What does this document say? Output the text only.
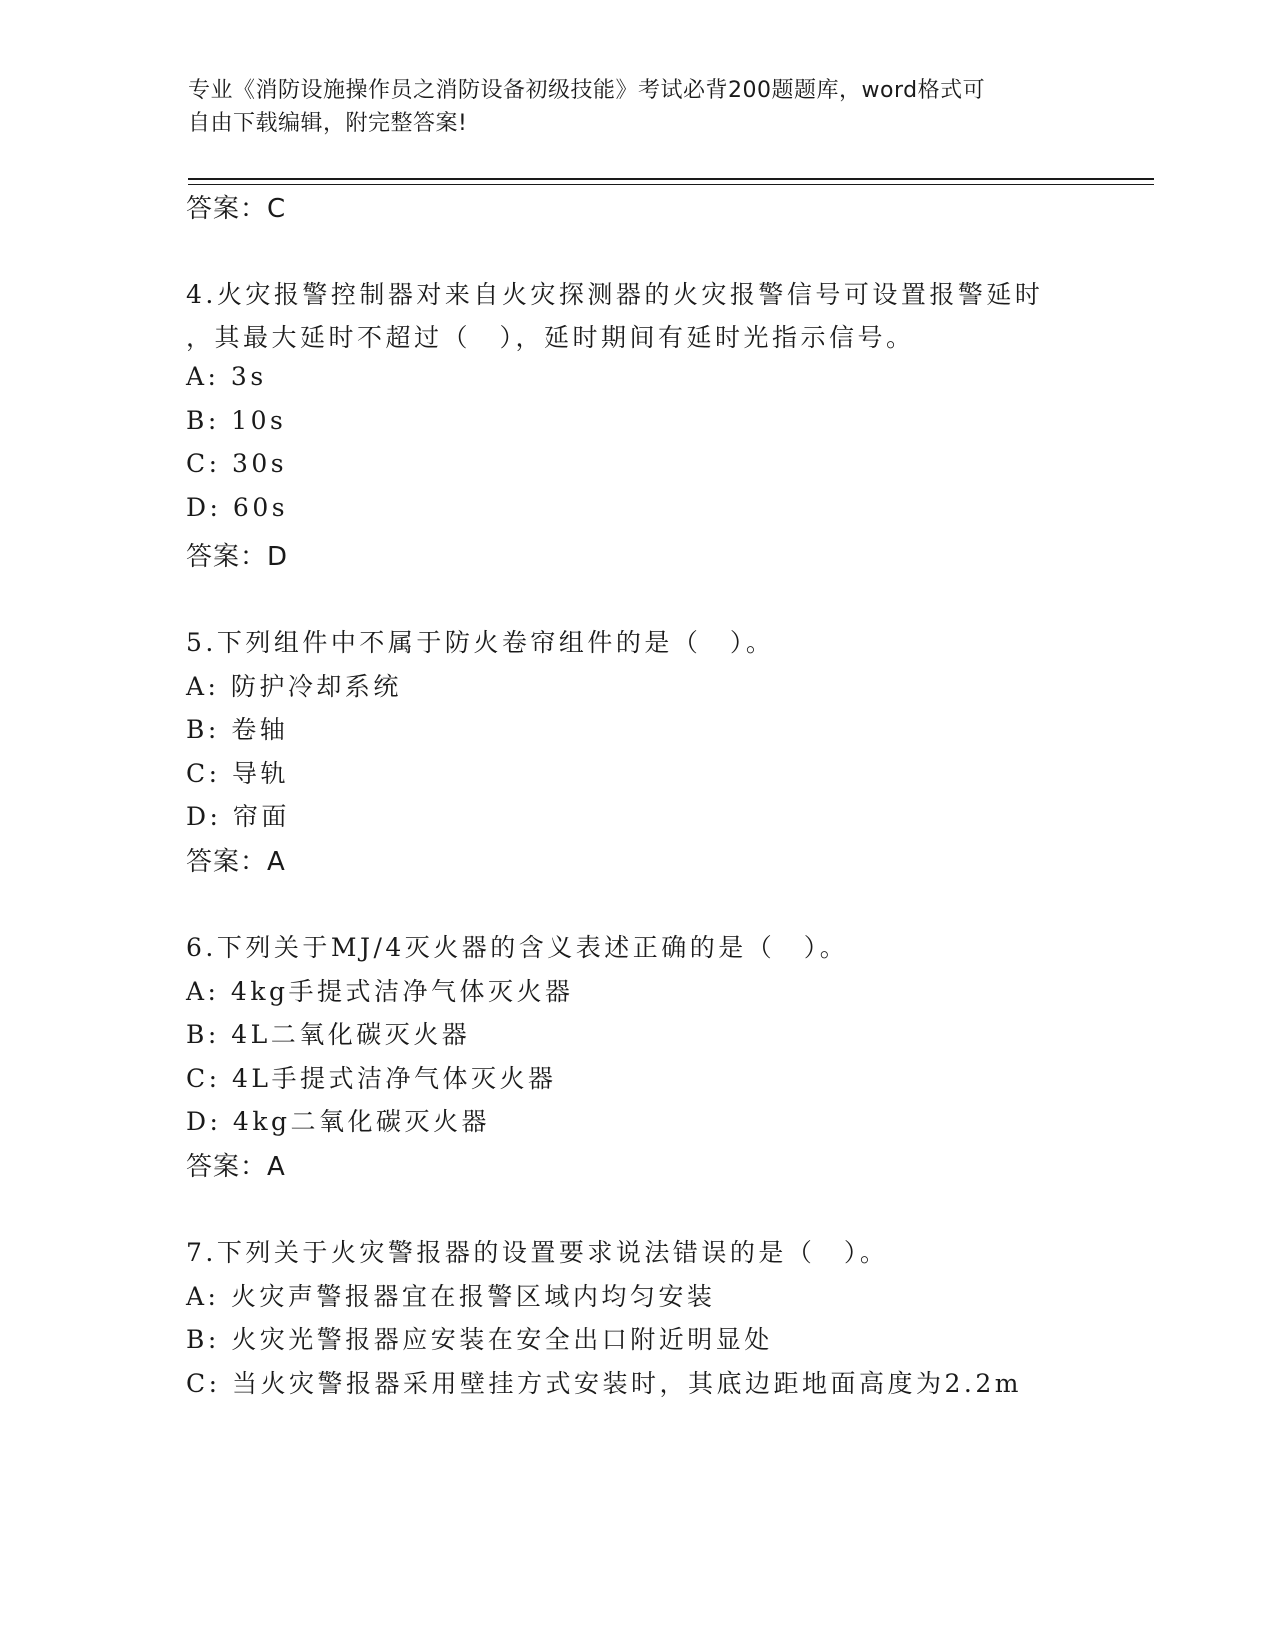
专业《消防设施操作员之消防设备初级技能》考试必背200题题库，word格式可
自由下载编辑，附完整答案!
答案：C
4.火灾报警控制器对来自火灾探测器的火灾报警信号可设置报警延时
，其最大延时不超过（　），延时期间有延时光指示信号。
A: 3s
B: 10s
C: 30s
D: 60s
答案：D
5.下列组件中不属于防火卷帘组件的是（　）。
A: 防护冷却系统
B: 卷轴
C: 导轨
D: 帘面
答案：A
6.下列关于MJ/4灭火器的含义表述正确的是（　）。
A: 4kg手提式洁净气体灭火器
B: 4L二氧化碳灭火器
C: 4L手提式洁净气体灭火器
D: 4kg二氧化碳灭火器
答案：A
7.下列关于火灾警报器的设置要求说法错误的是（　）。
A: 火灾声警报器宜在报警区域内均匀安装
B: 火灾光警报器应安装在安全出口附近明显处
C: 当火灾警报器采用壁挂方式安装时，其底边距地面高度为2.2m
